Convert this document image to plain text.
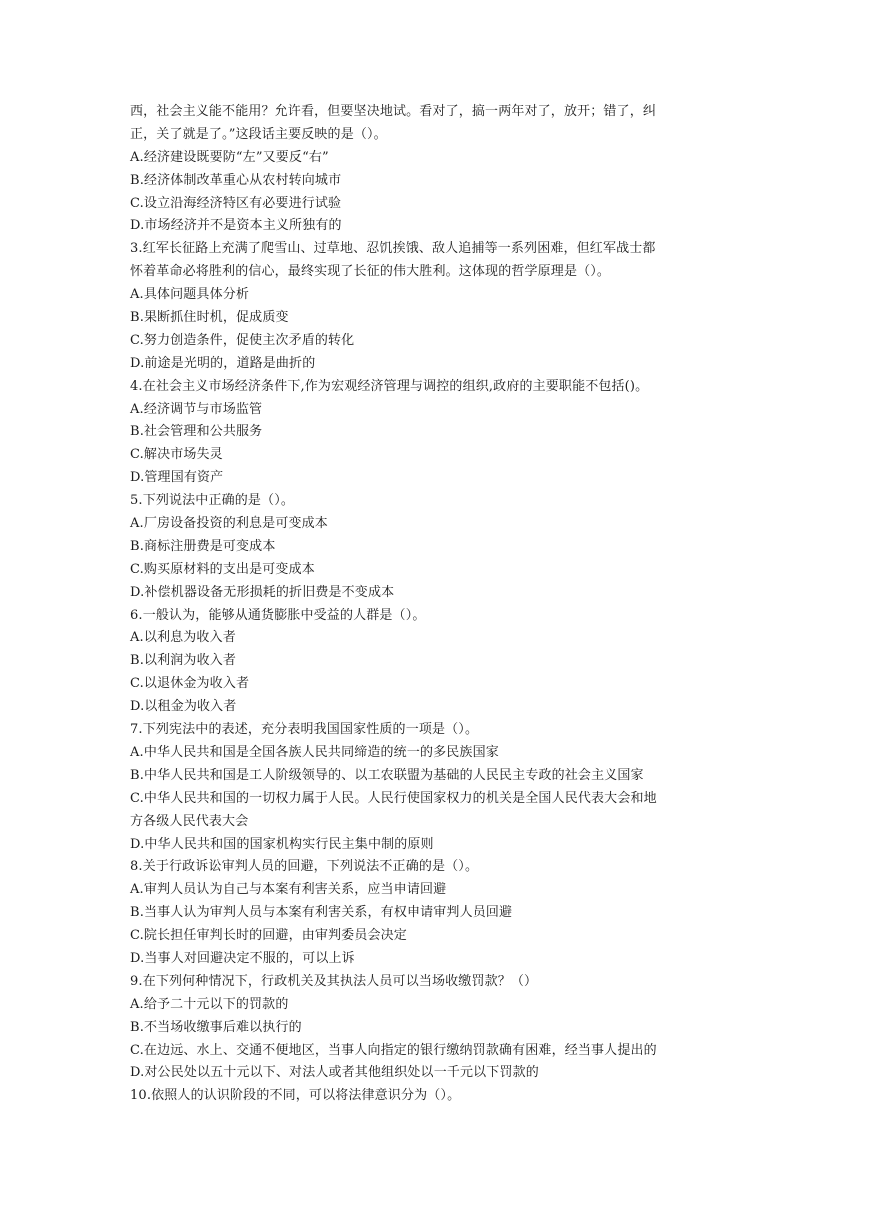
西，社会主义能不能用？允许看，但要坚决地试。看对了，搞一两年对了，放开；错了，纠
正，关了就是了。”这段话主要反映的是（）。
A.经济建设既要防“左”又要反“右”
B.经济体制改革重心从农村转向城市
C.设立沿海经济特区有必要进行试验
D.市场经济并不是资本主义所独有的
3.红军长征路上充满了爬雪山、过草地、忍饥挨饿、敌人追捕等一系列困难，但红军战士都
怀着革命必将胜利的信心，最终实现了长征的伟大胜利。这体现的哲学原理是（）。
A.具体问题具体分析
B.果断抓住时机，促成质变
C.努力创造条件，促使主次矛盾的转化
D.前途是光明的，道路是曲折的
4.在社会主义市场经济条件下,作为宏观经济管理与调控的组织,政府的主要职能不包括()。
A.经济调节与市场监管
B.社会管理和公共服务
C.解决市场失灵
D.管理国有资产
5.下列说法中正确的是（）。
A.厂房设备投资的利息是可变成本
B.商标注册费是可变成本
C.购买原材料的支出是可变成本
D.补偿机器设备无形损耗的折旧费是不变成本
6.一般认为，能够从通货膨胀中受益的人群是（）。
A.以利息为收入者
B.以利润为收入者
C.以退休金为收入者
D.以租金为收入者
7.下列宪法中的表述，充分表明我国国家性质的一项是（）。
A.中华人民共和国是全国各族人民共同缔造的统一的多民族国家
B.中华人民共和国是工人阶级领导的、以工农联盟为基础的人民民主专政的社会主义国家
C.中华人民共和国的一切权力属于人民。人民行使国家权力的机关是全国人民代表大会和地
方各级人民代表大会
D.中华人民共和国的国家机构实行民主集中制的原则
8.关于行政诉讼审判人员的回避，下列说法不正确的是（）。
A.审判人员认为自己与本案有利害关系，应当申请回避
B.当事人认为审判人员与本案有利害关系，有权申请审判人员回避
C.院长担任审判长时的回避，由审判委员会决定
D.当事人对回避决定不服的，可以上诉
9.在下列何种情况下，行政机关及其执法人员可以当场收缴罚款？（）
A.给予二十元以下的罚款的
B.不当场收缴事后难以执行的
C.在边远、水上、交通不便地区，当事人向指定的银行缴纳罚款确有困难，经当事人提出的
D.对公民处以五十元以下、对法人或者其他组织处以一千元以下罚款的
10.依照人的认识阶段的不同，可以将法律意识分为（）。
